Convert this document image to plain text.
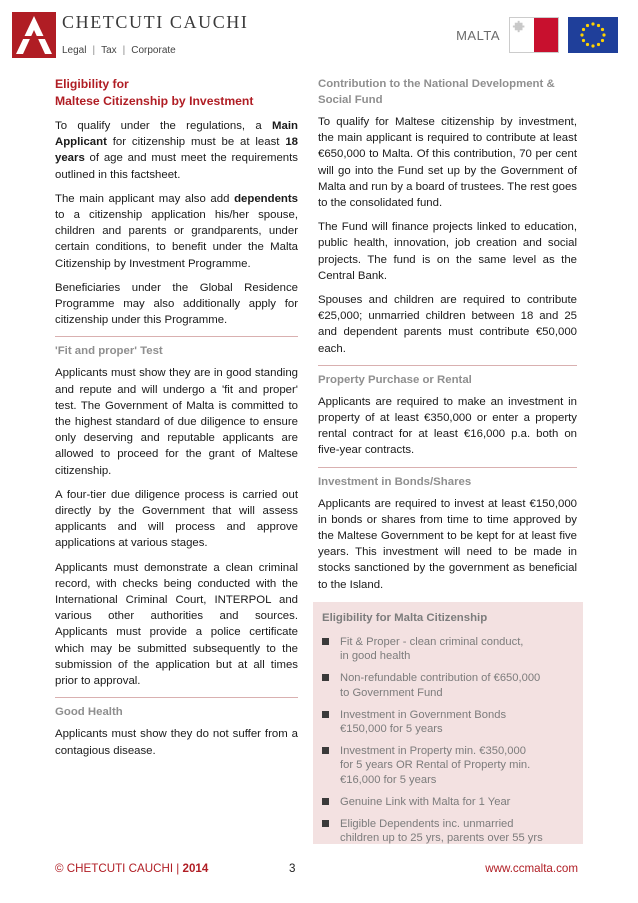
CHETCUTI CAUCHI
Legal | Tax | Corporate
MALTA
Eligibility for
Maltese Citizenship by Investment

To qualify under the regulations, a Main Applicant for citizenship must be at least 18 years of age and must meet the requirements outlined in this factsheet.

The main applicant may also add dependents to a citizenship application his/her spouse, children and parents or grandparents, under certain conditions, to benefit under the Malta Citizenship by Investment Programme.

Beneficiaries under the Global Residence Programme may also additionally apply for citizenship under this Programme.

'Fit and proper' Test

Applicants must show they are in good standing and repute and will undergo a 'fit and proper' test. The Government of Malta is committed to the highest standard of due diligence to ensure only deserving and reputable applicants are allowed to proceed for the grant of Maltese citizenship.

A four-tier due diligence process is carried out directly by the Government that will assess applicants and will process and approve applications at various stages.

Applicants must demonstrate a clean criminal record, with checks being conducted with the International Criminal Court, INTERPOL and various other authorities and sources. Applicants must provide a police certificate which may be submitted subsequently to the submission of the application but at all times prior to approval.

Good Health

Applicants must show they do not suffer from a contagious disease.

Contribution to the National Development & Social Fund

To qualify for Maltese citizenship by investment, the main applicant is required to contribute at least €650,000 to Malta. Of this contribution, 70 per cent will go into the Fund set up by the Government of Malta and run by a board of trustees. The rest goes to the consolidated fund.

The Fund will finance projects linked to education, public health, innovation, job creation and social projects. The fund is on the same level as the Central Bank.

Spouses and children are required to contribute €25,000; unmarried children between 18 and 25 and dependent parents must contribute €50,000 each.

Property Purchase or Rental

Applicants are required to make an investment in property of at least €350,000 or enter a property rental contract for at least €16,000 p.a. both on five-year contracts.

Investment in Bonds/Shares

Applicants are required to invest at least €150,000 in bonds or shares from time to time approved by the Maltese Government to be kept for at least five years. This investment will need to be made in stocks sanctioned by the government as beneficial to the Island.

Eligibility for Malta Citizenship
Fit & Proper - clean criminal conduct,
in good health
Non-refundable contribution of €650,000
to Government Fund
Investment in Government Bonds
€150,000 for 5 years
Investment in Property min. €350,000
for 5 years OR Rental of Property min.
€16,000 for 5 years
Genuine Link with Malta for 1 Year
Eligible Dependents inc. unmarried
children up to 25 yrs, parents over 55 yrs
© CHETCUTI CAUCHI | 2014	3	www.ccmalta.com
